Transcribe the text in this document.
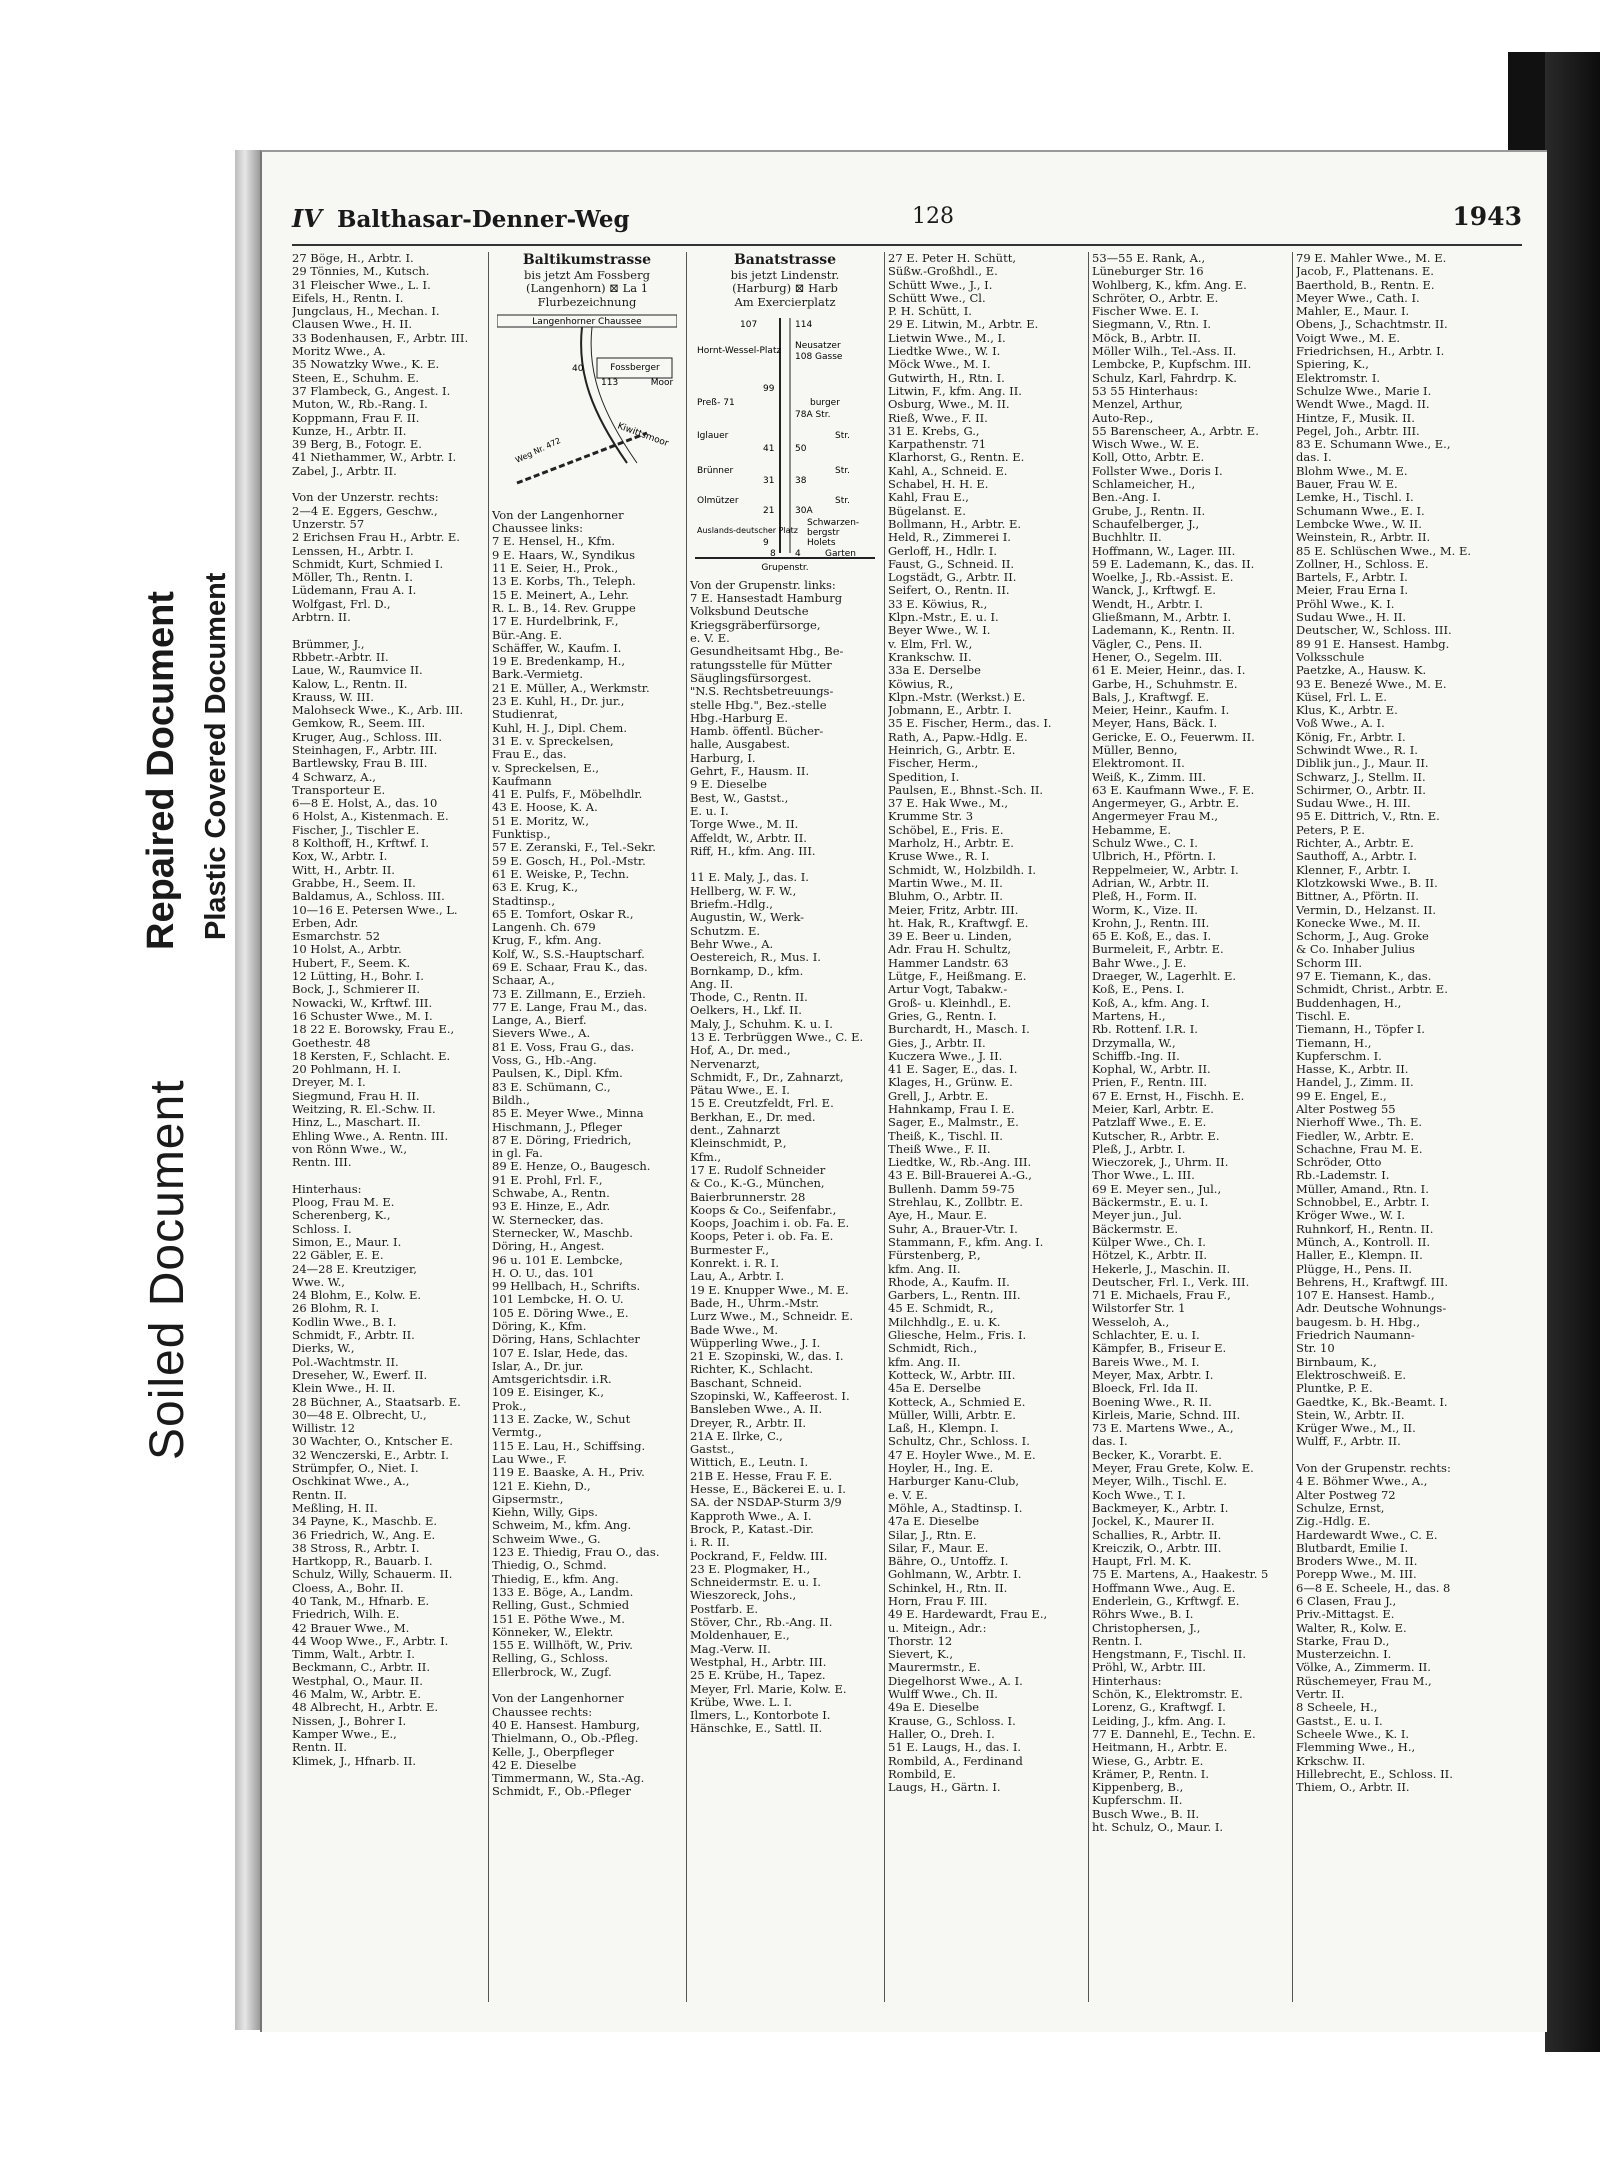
Repaired Document Plastic Covered Document
Soiled Document
IV Balthasar-Denner-Weg	128	1943
27 Böge, H., Arbtr. I.
29 Tönnies, M., Kutsch.
31 Fleischer Wwe., L. I.
Eifels, H., Rentn. I.
Jungclaus, H., Mechan. I.
Clausen Wwe., H. II.
33 Bodenhausen, F., Arbtr. III.
Moritz Wwe., A.
35 Nowatzky Wwe., K. E.
Steen, E., Schuhm. E.
37 Flambeck, G., Angest. I.
Muton, W., Rb.-Rang. I.
Koppmann, Frau F. II.
Kunze, H., Arbtr. II.
39 Berg, B., Fotogr. E.
41 Niethammer, W., Arbtr. I.
Zabel, J., Arbtr. II.

Von der Unzerstr. rechts:
2—4 E. Eggers, Geschw.,
Unzerstr. 57
2 Erichsen Frau H., Arbtr. E.
Lenssen, H., Arbtr. I.
Schmidt, Kurt, Schmied I.
Möller, Th., Rentn. I.
Lüdemann, Frau A. I.
Wolfgast, Frl. D.,
Arbtrn. II.

Brümmer, J.,
Rbbetr.-Arbtr. II.
Laue, W., Raumvice II.
Kalow, L., Rentn. II.
Krauss, W. III.
Malohseck Wwe., K., Arb. III.
Gemkow, R., Seem. III.
Kruger, Aug., Schloss. III.
Steinhagen, F., Arbtr. III.
Bartlewsky, Frau B. III.
4 Schwarz, A.,
Transporteur E.
6—8 E. Holst, A., das. 10
6 Holst, A., Kistenmach. E.
Fischer, J., Tischler E.
8 Kolthoff, H., Krftwf. I.
Kox, W., Arbtr. I.
Witt, H., Arbtr. II.
Grabbe, H., Seem. II.
Baldamus, A., Schloss. III.
10—16 E. Petersen Wwe., L.
Erben, Adr.
Esmarchstr. 52
10 Holst, A., Arbtr.
Hubert, F., Seem. K.
12 Lütting, H., Bohr. I.
Bock, J., Schmierer II.
Nowacki, W., Krftwf. III.
16 Schuster Wwe., M. I.
18 22 E. Borowsky, Frau E.,
Goethestr. 48
18 Kersten, F., Schlacht. E.
20 Pohlmann, H. I.
Dreyer, M. I.
Siegmund, Frau H. II.
Weitzing, R. El.-Schw. II.
Hinz, L., Maschart. II.
Ehling Wwe., A. Rentn. III.
von Rönn Wwe., W.,
Rentn. III.

Hinterhaus:
Ploog, Frau M. E.
Scherenberg, K.,
Schloss. I.
Simon, E., Maur. I.
22 Gäbler, E. E.
24—28 E. Kreutziger,
Wwe. W.,
24 Blohm, E., Kolw. E.
26 Blohm, R. I.
Kodlin Wwe., B. I.
Schmidt, F., Arbtr. II.
Dierks, W.,
Pol.-Wachtmstr. II.
Dreseher, W., Ewerf. II.
Klein Wwe., H. II.
28 Büchner, A., Staatsarb. E.
30—48 E. Olbrecht, U.,
Willistr. 12
30 Wachter, O., Kntscher E.
32 Wenczerski, E., Arbtr. I.
Strümpfer, O., Niet. I.
Oschkinat Wwe., A.,
Rentn. II.
Meßling, H. II.
34 Payne, K., Maschb. E.
36 Friedrich, W., Ang. E.
38 Stross, R., Arbtr. I.
Hartkopp, R., Bauarb. I.
Schulz, Willy, Schauerm. II.
Cloess, A., Bohr. II.
40 Tank, M., Hfnarb. E.
Friedrich, Wilh. E.
42 Brauer Wwe., M.
44 Woop Wwe., F., Arbtr. I.
Timm, Walt., Arbtr. I.
Beckmann, C., Arbtr. II.
Westphal, O., Maur. II.
46 Malm, W., Arbtr. E.
48 Albrecht, H., Arbtr. E.
Nissen, J., Bohrer I.
Kamper Wwe., E.,
Rentn. II.
Klimek, J., Hfnarb. II.
Baltikumstrasse
bis jetzt Am Fossberg
(Langenhorn) ⊠ La 1
Flurbezeichnung
Langenhorner Chaussee
Fossberger
Moor
40
113
Kiwittsmoor
Weg Nr. 472
Von der Langenhorner
Chaussee links:
7 E. Hensel, H., Kfm.
9 E. Haars, W., Syndikus
11 E. Seier, H., Prok.,
13 E. Korbs, Th., Teleph.
15 E. Meinert, A., Lehr.
R. L. B., 14. Rev. Gruppe
17 E. Hurdelbrink, F.,
Bür.-Ang. E.
Schäffer, W., Kaufm. I.
19 E. Bredenkamp, H.,
Bark.-Vermietg.
21 E. Müller, A., Werkmstr.
23 E. Kuhl, H., Dr. jur.,
Studienrat,
Kuhl, H. J., Dipl. Chem.
31 E. v. Spreckelsen,
Frau E., das.
v. Spreckelsen, E.,
Kaufmann
41 E. Pulfs, F., Möbelhdlr.
43 E. Hoose, K. A.
51 E. Moritz, W.,
Funktisp.,
57 E. Zeranski, F., Tel.-Sekr.
59 E. Gosch, H., Pol.-Mstr.
61 E. Weiske, P., Techn.
63 E. Krug, K.,
Stadtinsp.,
65 E. Tomfort, Oskar R.,
Langenh. Ch. 679
Krug, F., kfm. Ang.
Kolf, W., S.S.-Hauptscharf.
69 E. Schaar, Frau K., das.
Schaar, A.,
73 E. Zillmann, E., Erzieh.
77 E. Lange, Frau M., das.
Lange, A., Bierf.
Sievers Wwe., A.
81 E. Voss, Frau G., das.
Voss, G., Hb.-Ang.
Paulsen, K., Dipl. Kfm.
83 E. Schümann, C.,
Bildh.,
85 E. Meyer Wwe., Minna
Hischmann, J., Pfleger
87 E. Döring, Friedrich,
in gl. Fa.
89 E. Henze, O., Baugesch.
91 E. Prohl, Frl. F.,
Schwabe, A., Rentn.
93 E. Hinze, E., Adr.
W. Sternecker, das.
Sternecker, W., Maschb.
Döring, H., Angest.
96 u. 101 E. Lembcke,
H. O. U., das. 101
99 Hellbach, H., Schrifts.
101 Lembcke, H. O. U.
105 E. Döring Wwe., E.
Döring, K., Kfm.
Döring, Hans, Schlachter
107 E. Islar, Hede, das.
Islar, A., Dr. jur.
Amtsgerichtsdir. i.R.
109 E. Eisinger, K.,
Prok.,
113 E. Zacke, W., Schut
Vermtg.,
115 E. Lau, H., Schiffsing.
Lau Wwe., F.
119 E. Baaske, A. H., Priv.
121 E. Kiehn, D.,
Gipsermstr.,
Kiehn, Willy, Gips.
Schweim, M., kfm. Ang.
Schweim Wwe., G.
123 E. Thiedig, Frau O., das.
Thiedig, O., Schmd.
Thiedig, E., kfm. Ang.
133 E. Böge, A., Landm.
Relling, Gust., Schmied
151 E. Pöthe Wwe., M.
Könneker, W., Elektr.
155 E. Willhöft, W., Priv.
Relling, G., Schloss.
Ellerbrock, W., Zugf.

Von der Langenhorner
Chaussee rechts:
40 E. Hansest. Hamburg,
Thielmann, O., Ob.-Pfleg.
Kelle, J., Oberpfleger
42 E. Dieselbe
Timmermann, W., Sta.-Ag.
Schmidt, F., Ob.-Pfleger
Banatstrasse
bis jetzt Lindenstr.
(Harburg) ⊠ Harb
Am Exercierplatz
107	114
Hornt-Wessel-Platz Neusatzer
108 Gasse
99
Preß- 71	burger
78A Str.
Iglauer	Str.
41 50
Brünner	Str.
31 38
Olmützer	Str.
21 30A
Schwarzen-
bergstr
Auslands-deutscher Platz
9	Holets
8	Garten
4
Grupenstr.
Von der Grupenstr. links:
7 E. Hansestadt Hamburg
Volksbund Deutsche
Kriegsgräberfürsorge,
e. V. E.
Gesundheitsamt Hbg., Be-
ratungsstelle für Mütter
Säuglingsfürsorgest.
"N.S. Rechtsbetreuungs-
stelle Hbg.", Bez.-stelle
Hbg.-Harburg E.
Hamb. öffentl. Bücher-
halle, Ausgabest.
Harburg, I.
Gehrt, F., Hausm. II.
9 E. Dieselbe
Best, W., Gastst.,
E. u. I.
Torge Wwe., M. II.
Affeldt, W., Arbtr. II.
Riff, H., kfm. Ang. III.

11 E. Maly, J., das. I.
Hellberg, W. F. W.,
Briefm.-Hdlg.,
Augustin, W., Werk-
Schutzm. E.
Behr Wwe., A.
Oestereich, R., Mus. I.
Bornkamp, D., kfm.
Ang. II.
Thode, C., Rentn. II.
Oelkers, H., Lkf. II.
Maly, J., Schuhm. K. u. I.
13 E. Terbrüggen Wwe., C. E.
Hof, A., Dr. med.,
Nervenarzt,
Schmidt, F., Dr., Zahnarzt,
Pätau Wwe., E. I.
15 E. Creutzfeldt, Frl. E.
Berkhan, E., Dr. med.
dent., Zahnarzt
Kleinschmidt, P.,
Kfm.,
17 E. Rudolf Schneider
& Co., K.-G., München,
Baierbrunnerstr. 28
Koops & Co., Seifenfabr.,
Koops, Joachim i. ob. Fa. E.
Koops, Peter i. ob. Fa. E.
Burmester F.,
Konrekt. i. R. I.
Lau, A., Arbtr. I.
19 E. Knupper Wwe., M. E.
Bade, H., Uhrm.-Mstr.
Lurz Wwe., M., Schneidr. E.
Bade Wwe., M.
Wüpperling Wwe., J. I.
21 E. Szopinski, W., das. I.
Richter, K., Schlacht.
Baschant, Schneid.
Szopinski, W., Kaffeerost. I.
Bansleben Wwe., A. II.
Dreyer, R., Arbtr. II.
21A E. Ilrke, C.,
Gastst.,
Wittich, E., Leutn. I.
21B E. Hesse, Frau F. E.
Hesse, E., Bäckerei E. u. I.
SA. der NSDAP-Sturm 3/9
Kapproth Wwe., A. I.
Brock, P., Katast.-Dir.
i. R. II.
Pockrand, F., Feldw. III.
23 E. Plogmaker, H.,
Schneidermstr. E. u. I.
Wieszoreck, Johs.,
Postfarb. E.
Stöver, Chr., Rb.-Ang. II.
Moldenhauer, E.,
Mag.-Verw. II.
Westphal, H., Arbtr. III.
25 E. Krübe, H., Tapez.
Meyer, Frl. Marie, Kolw. E.
Krübe, Wwe. L. I.
Ilmers, L., Kontorbote I.
Hänschke, E., Sattl. II.
27 E. Peter H. Schütt,
Süßw.-Großhdl., E.
Schütt Wwe., J., I.
Schütt Wwe., Cl.
P. H. Schütt, I.
29 E. Litwin, M., Arbtr. E.
Lietwin Wwe., M., I.
Liedtke Wwe., W. I.
Möck Wwe., M. I.
Gutwirth, H., Rtn. I.
Litwin, F., kfm. Ang. II.
Osburg, Wwe., M. II.
Rieß, Wwe., F. II.
31 E. Krebs, G.,
Karpathenstr. 71
Klarhorst, G., Rentn. E.
Kahl, A., Schneid. E.
Schabel, H. H. E.
Kahl, Frau E.,
Bügelanst. E.
Bollmann, H., Arbtr. E.
Held, R., Zimmerei I.
Gerloff, H., Hdlr. I.
Faust, G., Schneid. II.
Logstädt, G., Arbtr. II.
Seifert, O., Rentn. II.
33 E. Köwius, R.,
Klpn.-Mstr., E. u. I.
Beyer Wwe., W. I.
v. Elm, Frl. W.,
Krankschw. II.
33a E. Derselbe
Köwius, R.,
Klpn.-Mstr. (Werkst.) E.
Jobmann, E., Arbtr. I.
35 E. Fischer, Herm., das. I.
Rath, A., Papw.-Hdlg. E.
Heinrich, G., Arbtr. E.
Fischer, Herm.,
Spedition, I.
Paulsen, E., Bhnst.-Sch. II.
37 E. Hak Wwe., M.,
Krumme Str. 3
Schöbel, E., Fris. E.
Marholz, H., Arbtr. E.
Kruse Wwe., R. I.
Schmidt, W., Holzbildh. I.
Martin Wwe., M. II.
Bluhm, O., Arbtr. II.
Meier, Fritz, Arbtr. III.
ht. Hak, R., Kraftwgf. E.
39 E. Beer u. Linden,
Adr. Frau H. Schultz,
Hammer Landstr. 63
Lütge, F., Heißmang. E.
Artur Vogt, Tabakw.-
Groß- u. Kleinhdl., E.
Gries, G., Rentn. I.
Burchardt, H., Masch. I.
Gies, J., Arbtr. II.
Kuczera Wwe., J. II.
41 E. Sager, E., das. I.
Klages, H., Grünw. E.
Grell, J., Arbtr. E.
Hahnkamp, Frau I. E.
Sager, E., Malmstr., E.
Theiß, K., Tischl. II.
Theiß Wwe., F. II.
Liedtke, W., Rb.-Ang. III.
43 E. Bill-Brauerei A.-G.,
Bullenh. Damm 59-75
Strehlau, K., Zollbtr. E.
Aye, H., Maur. E.
Suhr, A., Brauer-Vtr. I.
Stammann, F., kfm. Ang. I.
Fürstenberg, P.,
kfm. Ang. II.
Rhode, A., Kaufm. II.
Garbers, L., Rentn. III.
45 E. Schmidt, R.,
Milchhdlg., E. u. K.
Gliesche, Helm., Fris. I.
Schmidt, Rich.,
kfm. Ang. II.
Kotteck, W., Arbtr. III.
45a E. Derselbe
Kotteck, A., Schmied E.
Müller, Willi, Arbtr. E.
Laß, H., Klempn. I.
Schultz, Chr., Schloss. I.
47 E. Hoyler Wwe., M. E.
Hoyler, H., Ing. E.
Harburger Kanu-Club,
e. V. E.
Möhle, A., Stadtinsp. I.
47a E. Dieselbe
Silar, J., Rtn. E.
Silar, F., Maur. E.
Bähre, O., Untoffz. I.
Gohlmann, W., Arbtr. I.
Schinkel, H., Rtn. II.
Horn, Frau F. III.
49 E. Hardewardt, Frau E.,
u. Miteign., Adr.:
Thorstr. 12
Sievert, K.,
Maurermstr., E.
Diegelhorst Wwe., A. I.
Wulff Wwe., Ch. II.
49a E. Dieselbe
Krause, G., Schloss. I.
Haller, O., Dreh. I.
51 E. Laugs, H., das. I.
Rombild, A., Ferdinand
Rombild, E.
Laugs, H., Gärtn. I.
53—55 E. Rank, A.,
Lüneburger Str. 16
Wohlberg, K., kfm. Ang. E.
Schröter, O., Arbtr. E.
Fischer Wwe. E. I.
Siegmann, V., Rtn. I.
Möck, B., Arbtr. II.
Möller Wilh., Tel.-Ass. II.
Lembcke, P., Kupfschm. III.
Schulz, Karl, Fahrdrp. K.
53 55 Hinterhaus:
Menzel, Arthur,
Auto-Rep.,
55 Barenscheer, A., Arbtr. E.
Wisch Wwe., W. E.
Koll, Otto, Arbtr. E.
Follster Wwe., Doris I.
Schlameicher, H.,
Ben.-Ang. I.
Grube, J., Rentn. II.
Schaufelberger, J.,
Buchhltr. II.
Hoffmann, W., Lager. III.
59 E. Lademann, K., das. II.
Woelke, J., Rb.-Assist. E.
Wanck, J., Krftwgf. E.
Wendt, H., Arbtr. I.
Gließmann, M., Arbtr. I.
Lademann, K., Rentn. II.
Vägler, C., Pens. II.
Hener, O., Segelm. III.
61 E. Meier, Heinr., das. I.
Garbe, H., Schuhmstr. E.
Bals, J., Kraftwgf. E.
Meier, Heinr., Kaufm. I.
Meyer, Hans, Bäck. I.
Gericke, E. O., Feuerwm. II.
Müller, Benno,
Elektromont. II.
Weiß, K., Zimm. III.
63 E. Kaufmann Wwe., F. E.
Angermeyer, G., Arbtr. E.
Angermeyer Frau M.,
Hebamme, E.
Schulz Wwe., C. I.
Ulbrich, H., Pförtn. I.
Reppelmeier, W., Arbtr. I.
Adrian, W., Arbtr. II.
Pleß, H., Form. II.
Worm, K., Vize. II.
Krohn, J., Rentn. III.
65 E. Koß, E., das. I.
Burmeleit, F., Arbtr. E.
Bahr Wwe., J. E.
Draeger, W., Lagerhlt. E.
Koß, E., Pens. I.
Koß, A., kfm. Ang. I.
Martens, H.,
Rb. Rottenf. I.R. I.
Drzymalla, W.,
Schiffb.-Ing. II.
Kophal, W., Arbtr. II.
Prien, F., Rentn. III.
67 E. Ernst, H., Fischh. E.
Meier, Karl, Arbtr. E.
Patzlaff Wwe., E. E.
Kutscher, R., Arbtr. E.
Pleß, J., Arbtr. I.
Wieczorek, J., Uhrm. II.
Thor Wwe., L. III.
69 E. Meyer sen., Jul.,
Bäckermstr., E. u. I.
Meyer jun., Jul.
Bäckermstr. E.
Külper Wwe., Ch. I.
Hötzel, K., Arbtr. II.
Hekerle, J., Maschin. II.
Deutscher, Frl. I., Verk. III.
71 E. Michaels, Frau F.,
Wilstorfer Str. 1
Wesseloh, A.,
Schlachter, E. u. I.
Kämpfer, B., Friseur E.
Bareis Wwe., M. I.
Meyer, Max, Arbtr. I.
Bloeck, Frl. Ida II.
Boening Wwe., R. II.
Kirleis, Marie, Schnd. III.
73 E. Martens Wwe., A.,
das. I.
Becker, K., Vorarbt. E.
Meyer, Frau Grete, Kolw. E.
Meyer, Wilh., Tischl. E.
Koch Wwe., T. I.
Backmeyer, K., Arbtr. I.
Jockel, K., Maurer II.
Schallies, R., Arbtr. II.
Kreiczik, O., Arbtr. III.
Haupt, Frl. M. K.
75 E. Martens, A., Haakestr. 5
Hoffmann Wwe., Aug. E.
Enderlein, G., Krftwgf. E.
Röhrs Wwe., B. I.
Christophersen, J.,
Rentn. I.
Hengstmann, F., Tischl. II.
Pröhl, W., Arbtr. III.
Hinterhaus:
Schön, K., Elektromstr. E.
Lorenz, G., Kraftwgf. I.
Leiding, J., kfm. Ang. I.
77 E. Dannehl, E., Techn. E.
Heitmann, H., Arbtr. E.
Wiese, G., Arbtr. E.
Krämer, P., Rentn. I.
Kippenberg, B.,
Kupferschm. II.
Busch Wwe., B. II.
ht. Schulz, O., Maur. I.
79 E. Mahler Wwe., M. E.
Jacob, F., Plattenans. E.
Baerthold, B., Rentn. E.
Meyer Wwe., Cath. I.
Mahler, E., Maur. I.
Obens, J., Schachtmstr. II.
Voigt Wwe., M. E.
Friedrichsen, H., Arbtr. I.
Spiering, K.,
Elektromstr. I.
Schulze Wwe., Marie I.
Wendt Wwe., Magd. II.
Hintze, F., Musik. II.
Pegel, Joh., Arbtr. III.
83 E. Schumann Wwe., E.,
das. I.
Blohm Wwe., M. E.
Bauer, Frau W. E.
Lemke, H., Tischl. I.
Schumann Wwe., E. I.
Lembcke Wwe., W. II.
Weinstein, R., Arbtr. II.
85 E. Schlüschen Wwe., M. E.
Zollner, H., Schloss. E.
Bartels, F., Arbtr. I.
Meier, Frau Erna I.
Pröhl Wwe., K. I.
Sudau Wwe., H. II.
Deutscher, W., Schloss. III.
89 91 E. Hansest. Hambg.
Volksschule
Paetzke, A., Hausw. K.
93 E. Benezé Wwe., M. E.
Küsel, Frl. L. E.
Klus, K., Arbtr. E.
Voß Wwe., A. I.
König, Fr., Arbtr. I.
Schwindt Wwe., R. I.
Diblik jun., J., Maur. II.
Schwarz, J., Stellm. II.
Schirmer, O., Arbtr. II.
Sudau Wwe., H. III.
95 E. Dittrich, V., Rtn. E.
Peters, P. E.
Richter, A., Arbtr. E.
Sauthoff, A., Arbtr. I.
Klenner, F., Arbtr. I.
Klotzkowski Wwe., B. II.
Bittner, A., Pförtn. II.
Vermin, D., Helzanst. II.
Konecke Wwe., M. II.
Schorm, J., Aug. Groke
& Co. Inhaber Julius
Schorm III.
97 E. Tiemann, K., das.
Schmidt, Christ., Arbtr. E.
Buddenhagen, H.,
Tischl. E.
Tiemann, H., Töpfer I.
Tiemann, H.,
Kupferschm. I.
Hasse, K., Arbtr. II.
Handel, J., Zimm. II.
99 E. Engel, E.,
Alter Postweg 55
Nierhoff Wwe., Th. E.
Fiedler, W., Arbtr. E.
Schachne, Frau M. E.
Schröder, Otto
Rb.-Lademstr. I.
Müller, Amand., Rtn. I.
Schnobbel, E., Arbtr. I.
Kröger Wwe., W. I.
Ruhnkorf, H., Rentn. II.
Münch, A., Kontroll. II.
Haller, E., Klempn. II.
Plügge, H., Pens. II.
Behrens, H., Kraftwgf. III.
107 E. Hansest. Hamb.,
Adr. Deutsche Wohnungs-
baugesm. b. H. Hbg.,
Friedrich Naumann-
Str. 10
Birnbaum, K.,
Elektroschweiß. E.
Pluntke, P. E.
Gaedtke, K., Bk.-Beamt. I.
Stein, W., Arbtr. II.
Krüger Wwe., M., II.
Wulff, F., Arbtr. II.

Von der Grupenstr. rechts:
4 E. Böhmer Wwe., A.,
Alter Postweg 72
Schulze, Ernst,
Zig.-Hdlg. E.
Hardewardt Wwe., C. E.
Blutbardt, Emilie I.
Broders Wwe., M. II.
Porepp Wwe., M. III.
6—8 E. Scheele, H., das. 8
6 Clasen, Frau J.,
Priv.-Mittagst. E.
Walter, R., Kolw. E.
Starke, Frau D.,
Musterzeichn. I.
Völke, A., Zimmerm. II.
Rüschemeyer, Frau M.,
Vertr. II.
8 Scheele, H.,
Gastst., E. u. I.
Scheele Wwe., K. I.
Flemming Wwe., H.,
Krkschw. II.
Hillebrecht, E., Schloss. II.
Thiem, O., Arbtr. II.
